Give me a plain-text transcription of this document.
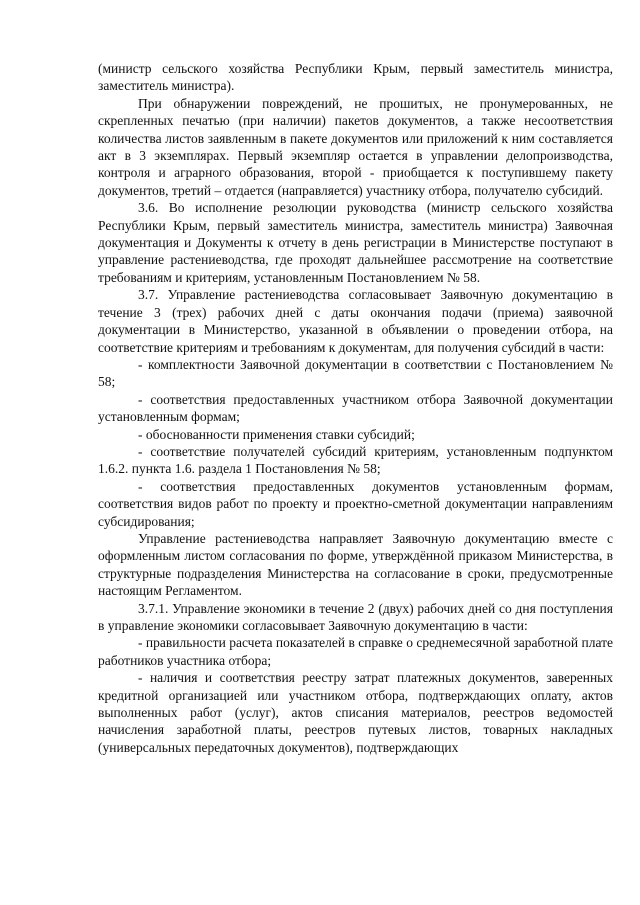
(министр сельского хозяйства Республики Крым, первый заместитель министра, заместитель министра).

При обнаружении повреждений, не прошитых, не пронумерованных, не скрепленных печатью (при наличии) пакетов документов, а также несоответствия количества листов заявленным в пакете документов или приложений к ним составляется акт в 3 экземплярах. Первый экземпляр остается в управлении делопроизводства, контроля и аграрного образования, второй - приобщается к поступившему пакету документов, третий – отдается (направляется) участнику отбора, получателю субсидий.

3.6. Во исполнение резолюции руководства (министр сельского хозяйства Республики Крым, первый заместитель министра, заместитель министра) Заявочная документация и Документы к отчету в день регистрации в Министерстве поступают в управление растениеводства, где проходят дальнейшее рассмотрение на соответствие требованиям и критериям, установленным Постановлением № 58.

3.7. Управление растениеводства согласовывает Заявочную документацию в течение 3 (трех) рабочих дней с даты окончания подачи (приема) заявочной документации в Министерство, указанной в объявлении о проведении отбора, на соответствие критериям и требованиям к документам, для получения субсидий в части:

- комплектности Заявочной документации в соответствии с Постановлением № 58;

- соответствия предоставленных участником отбора Заявочной документации установленным формам;

- обоснованности применения ставки субсидий;

- соответствие получателей субсидий критериям, установленным подпунктом 1.6.2. пункта 1.6. раздела 1 Постановления № 58;

- соответствия предоставленных документов установленным формам, соответствия видов работ по проекту и проектно-сметной документации направлениям субсидирования;

Управление растениеводства направляет Заявочную документацию вместе с оформленным листом согласования по форме, утверждённой приказом Министерства, в структурные подразделения Министерства на согласование в сроки, предусмотренные настоящим Регламентом.

3.7.1. Управление экономики в течение 2 (двух) рабочих дней со дня поступления в управление экономики согласовывает Заявочную документацию в части:

- правильности расчета показателей в справке о среднемесячной заработной плате работников участника отбора;

- наличия и соответствия реестру затрат платежных документов, заверенных кредитной организацией или участником отбора, подтверждающих оплату, актов выполненных работ (услуг), актов списания материалов, реестров ведомостей начисления заработной платы, реестров путевых листов, товарных накладных (универсальных передаточных документов), подтверждающих
